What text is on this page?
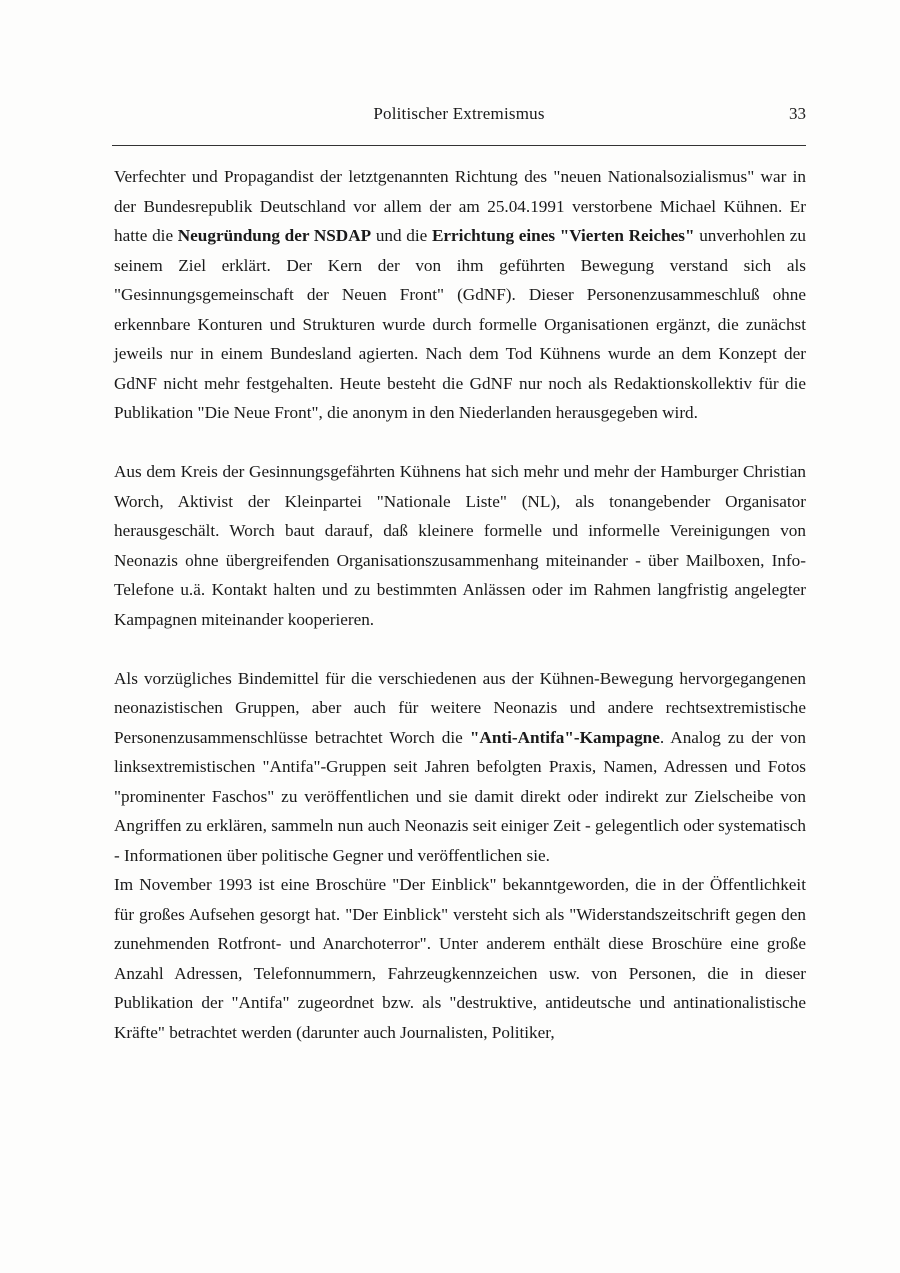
Politischer Extremismus	33

Verfechter und Propagandist der letztgenannten Richtung des "neuen Nationalsozialismus" war in der Bundesrepublik Deutschland vor allem der am 25.04.1991 verstorbene Michael Kühnen. Er hatte die Neugründung der NSDAP und die Errichtung eines "Vierten Reiches" unverhohlen zu seinem Ziel erklärt. Der Kern der von ihm geführten Bewegung verstand sich als "Gesinnungsgemeinschaft der Neuen Front" (GdNF). Dieser Personenzusammeschluß ohne erkennbare Konturen und Strukturen wurde durch formelle Organisationen ergänzt, die zunächst jeweils nur in einem Bundesland agierten. Nach dem Tod Kühnens wurde an dem Konzept der GdNF nicht mehr festgehalten. Heute besteht die GdNF nur noch als Redaktionskollektiv für die Publikation "Die Neue Front", die anonym in den Niederlanden herausgegeben wird.

Aus dem Kreis der Gesinnungsgefährten Kühnens hat sich mehr und mehr der Hamburger Christian Worch, Aktivist der Kleinpartei "Nationale Liste" (NL), als tonangebender Organisator herausgeschält. Worch baut darauf, daß kleinere formelle und informelle Vereinigungen von Neonazis ohne übergreifenden Organisationszusammenhang miteinander - über Mailboxen, Info-Telefone u.ä. Kontakt halten und zu bestimmten Anlässen oder im Rahmen langfristig angelegter Kampagnen miteinander kooperieren.

Als vorzügliches Bindemittel für die verschiedenen aus der Kühnen-Bewegung hervorgegangenen neonazistischen Gruppen, aber auch für weitere Neonazis und andere rechtsextremistische Personenzusammenschlüsse betrachtet Worch die "Anti-Antifa"-Kampagne. Analog zu der von linksextremistischen "Antifa"-Gruppen seit Jahren befolgten Praxis, Namen, Adressen und Fotos "prominenter Faschos" zu veröffentlichen und sie damit direkt oder indirekt zur Zielscheibe von Angriffen zu erklären, sammeln nun auch Neonazis seit einiger Zeit - gelegentlich oder systematisch - Informationen über politische Gegner und veröffentlichen sie.

Im November 1993 ist eine Broschüre "Der Einblick" bekanntgeworden, die in der Öffentlichkeit für großes Aufsehen gesorgt hat. "Der Einblick" versteht sich als "Widerstandszeitschrift gegen den zunehmenden Rotfront- und Anarchoterror". Unter anderem enthält diese Broschüre eine große Anzahl Adressen, Telefonnummern, Fahrzeugkennzeichen usw. von Personen, die in dieser Publikation der "Antifa" zugeordnet bzw. als "destruktive, antideutsche und antinationalistische Kräfte" betrachtet werden (darunter auch Journalisten, Politiker,
